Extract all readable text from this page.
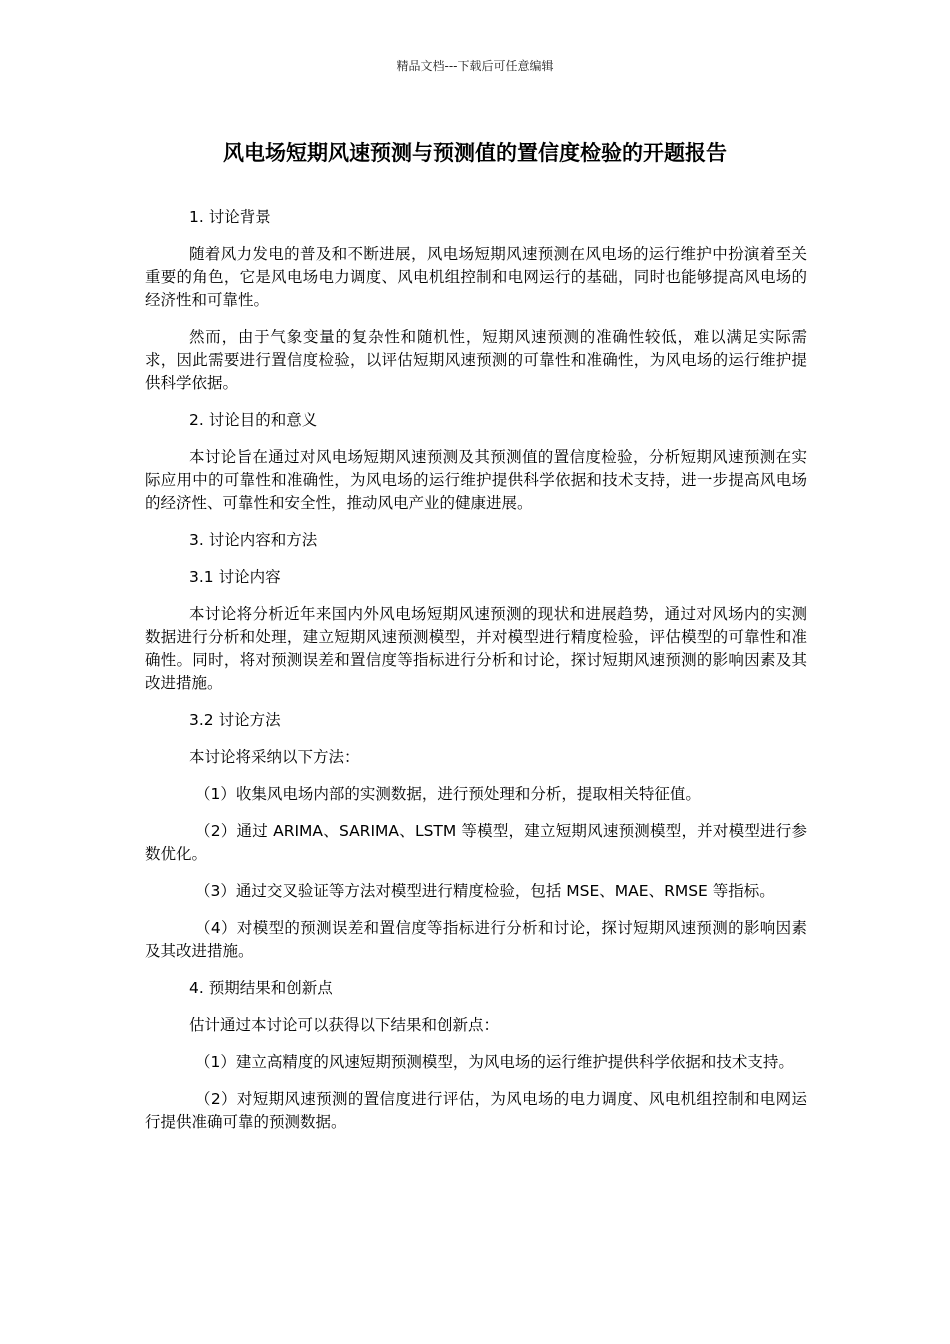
精品文档---下载后可任意编辑
风电场短期风速预测与预测值的置信度检验的开题报告

1. 讨论背景

随着风力发电的普及和不断进展，风电场短期风速预测在风电场的运行维护中扮演着至关重要的角色，它是风电场电力调度、风电机组控制和电网运行的基础，同时也能够提高风电场的经济性和可靠性。

然而，由于气象变量的复杂性和随机性，短期风速预测的准确性较低，难以满足实际需求，因此需要进行置信度检验，以评估短期风速预测的可靠性和准确性，为风电场的运行维护提供科学依据。

2. 讨论目的和意义

本讨论旨在通过对风电场短期风速预测及其预测值的置信度检验，分析短期风速预测在实际应用中的可靠性和准确性，为风电场的运行维护提供科学依据和技术支持，进一步提高风电场的经济性、可靠性和安全性，推动风电产业的健康进展。

3. 讨论内容和方法

3.1 讨论内容

本讨论将分析近年来国内外风电场短期风速预测的现状和进展趋势，通过对风场内的实测数据进行分析和处理，建立短期风速预测模型，并对模型进行精度检验，评估模型的可靠性和准确性。同时，将对预测误差和置信度等指标进行分析和讨论，探讨短期风速预测的影响因素及其改进措施。

3.2 讨论方法

本讨论将采纳以下方法：

（1）收集风电场内部的实测数据，进行预处理和分析，提取相关特征值。

（2）通过 ARIMA、SARIMA、LSTM 等模型，建立短期风速预测模型，并对模型进行参数优化。

（3）通过交叉验证等方法对模型进行精度检验，包括 MSE、MAE、RMSE 等指标。

（4）对模型的预测误差和置信度等指标进行分析和讨论，探讨短期风速预测的影响因素及其改进措施。

4. 预期结果和创新点

估计通过本讨论可以获得以下结果和创新点：

（1）建立高精度的风速短期预测模型，为风电场的运行维护提供科学依据和技术支持。

（2）对短期风速预测的置信度进行评估，为风电场的电力调度、风电机组控制和电网运行提供准确可靠的预测数据。
